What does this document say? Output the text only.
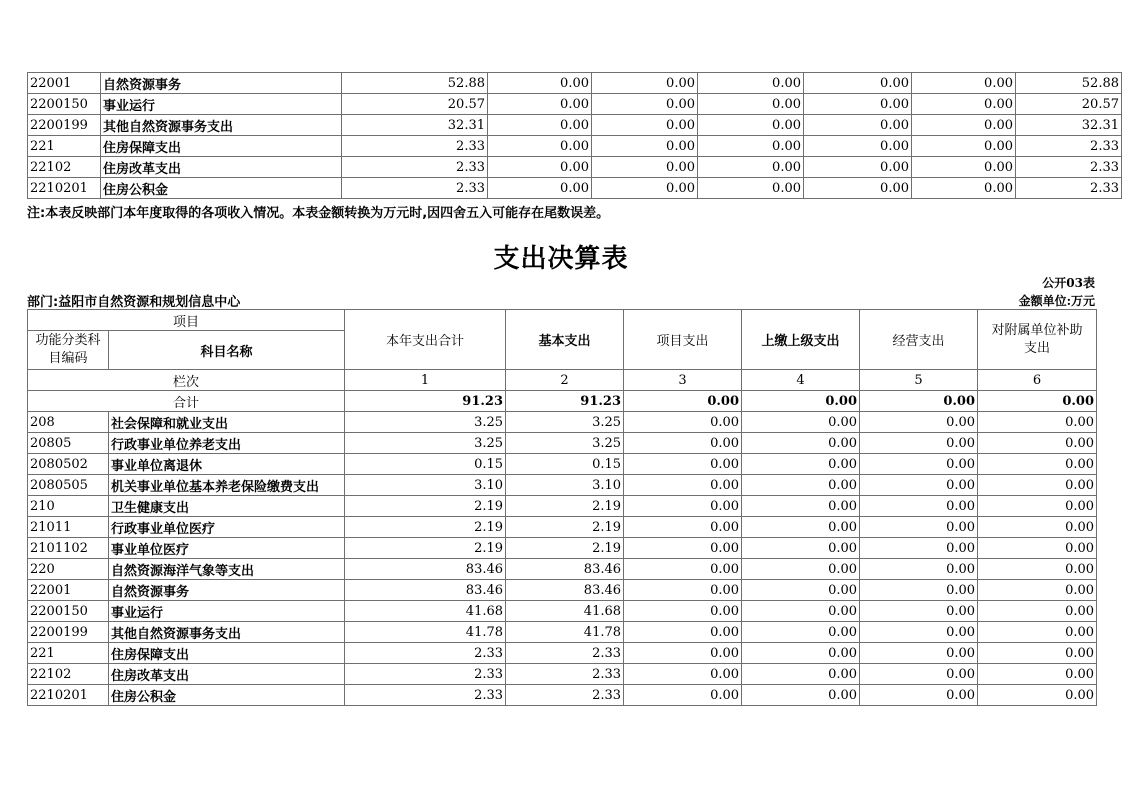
22001	自然资源事务	52.88	0.00	0.00	0.00	0.00	0.00	52.88
2200150	事业运行	20.57	0.00	0.00	0.00	0.00	0.00	20.57
2200199	其他自然资源事务支出	32.31	0.00	0.00	0.00	0.00	0.00	32.31
221	住房保障支出	2.33	0.00	0.00	0.00	0.00	0.00	2.33
22102	住房改革支出	2.33	0.00	0.00	0.00	0.00	0.00	2.33
2210201	住房公积金	2.33	0.00	0.00	0.00	0.00	0.00	2.33
注:本表反映部门本年度取得的各项收入情况。本表金额转换为万元时,因四舍五入可能存在尾数误差。
支出决算表
公开03表
部门:益阳市自然资源和规划信息中心	金额单位:万元
项目		本年支出合计	基本支出	项目支出	上缴上级支出	经营支出	对附属单位补助支出
功能分类科目编码	科目名称						
栏次		1	2	3	4	5	6
合计		91.23	91.23	0.00	0.00	0.00	0.00
208	社会保障和就业支出	3.25	3.25	0.00	0.00	0.00	0.00
20805	行政事业单位养老支出	3.25	3.25	0.00	0.00	0.00	0.00
2080502	事业单位离退休	0.15	0.15	0.00	0.00	0.00	0.00
2080505	机关事业单位基本养老保险缴费支出	3.10	3.10	0.00	0.00	0.00	0.00
210	卫生健康支出	2.19	2.19	0.00	0.00	0.00	0.00
21011	行政事业单位医疗	2.19	2.19	0.00	0.00	0.00	0.00
2101102	事业单位医疗	2.19	2.19	0.00	0.00	0.00	0.00
220	自然资源海洋气象等支出	83.46	83.46	0.00	0.00	0.00	0.00
22001	自然资源事务	83.46	83.46	0.00	0.00	0.00	0.00
2200150	事业运行	41.68	41.68	0.00	0.00	0.00	0.00
2200199	其他自然资源事务支出	41.78	41.78	0.00	0.00	0.00	0.00
221	住房保障支出	2.33	2.33	0.00	0.00	0.00	0.00
22102	住房改革支出	2.33	2.33	0.00	0.00	0.00	0.00
2210201	住房公积金	2.33	2.33	0.00	0.00	0.00	0.00
